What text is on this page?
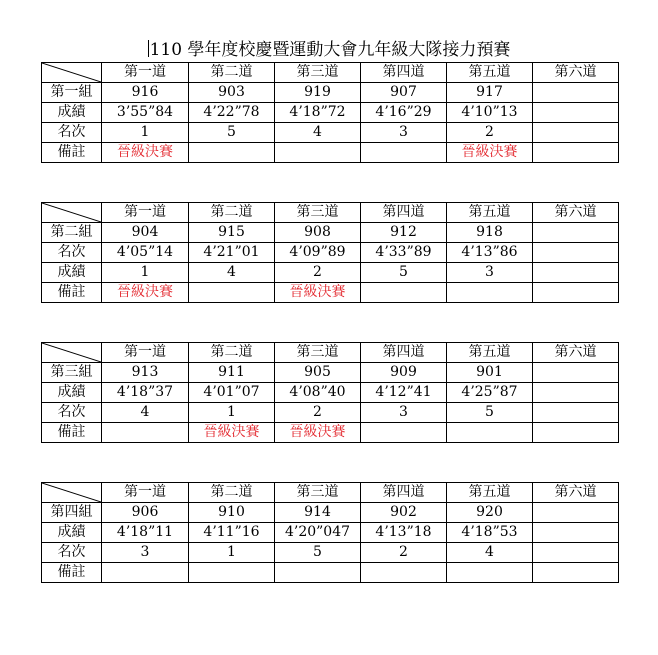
110 學年度校慶暨運動大會九年級大隊接力預賽
	第一道	第二道	第三道	第四道	第五道	第六道
第一組	916	903	919	907	917	
成績	3’55”84	4’22”78	4’18”72	4’16”29	4’10”13	
名次	1	5	4	3	2	
備註	晉級決賽				晉級決賽	
	第一道	第二道	第三道	第四道	第五道	第六道
第二組	904	915	908	912	918	
名次	4’05”14	4’21”01	4’09”89	4’33”89	4’13”86	
成績	1	4	2	5	3	
備註	晉級決賽		晉級決賽			
	第一道	第二道	第三道	第四道	第五道	第六道
第三組	913	911	905	909	901	
成績	4’18”37	4’01”07	4’08”40	4’12”41	4’25”87	
名次	4	1	2	3	5	
備註		晉級決賽	晉級決賽			
	第一道	第二道	第三道	第四道	第五道	第六道
第四組	906	910	914	902	920	
成績	4’18”11	4’11”16	4’20”047	4’13”18	4’18”53	
名次	3	1	5	2	4	
備註						
